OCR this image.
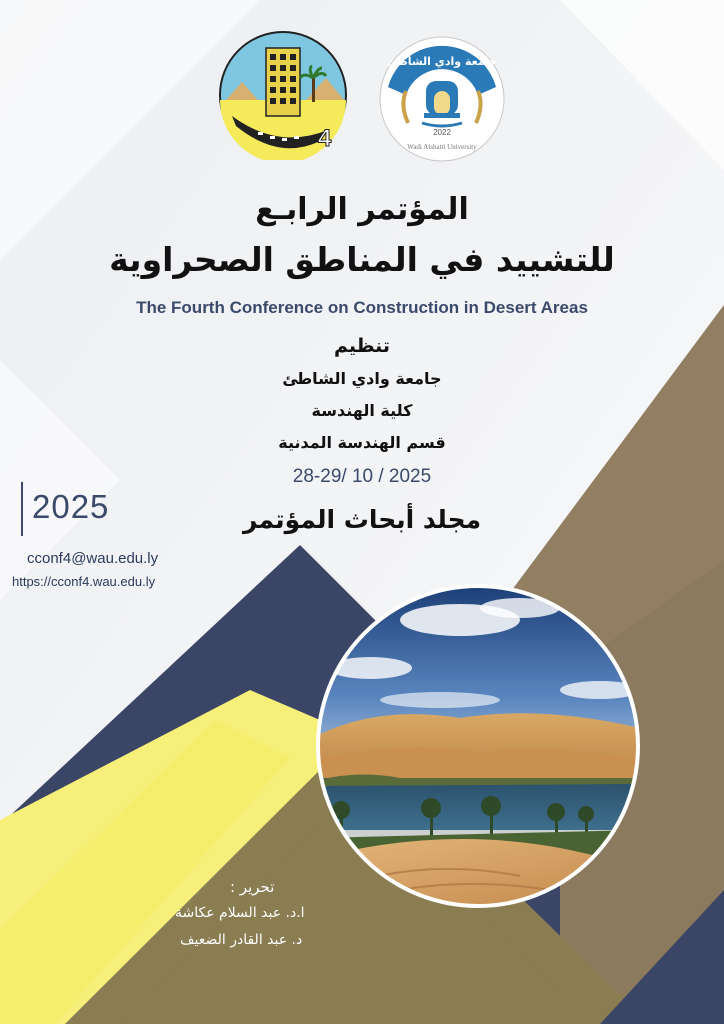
4
جامعة وادي الشاطئ
2022
Wadi Alshatti University
المؤتمر الرابـع
للتشييد في المناطق الصحراوية
The Fourth Conference on Construction in Desert Areas
تنظيم
جامعة وادي الشاطئ
كلية الهندسة
قسم الهندسة المدنية
28-29/ 10 / 2025
مجلد أبحاث المؤتمر
2025
cconf4@wau.edu.ly
https://cconf4.wau.edu.ly
تحرير :
ا.د. عبد السلام عكاشة
د. عبد القادر الضعيف
